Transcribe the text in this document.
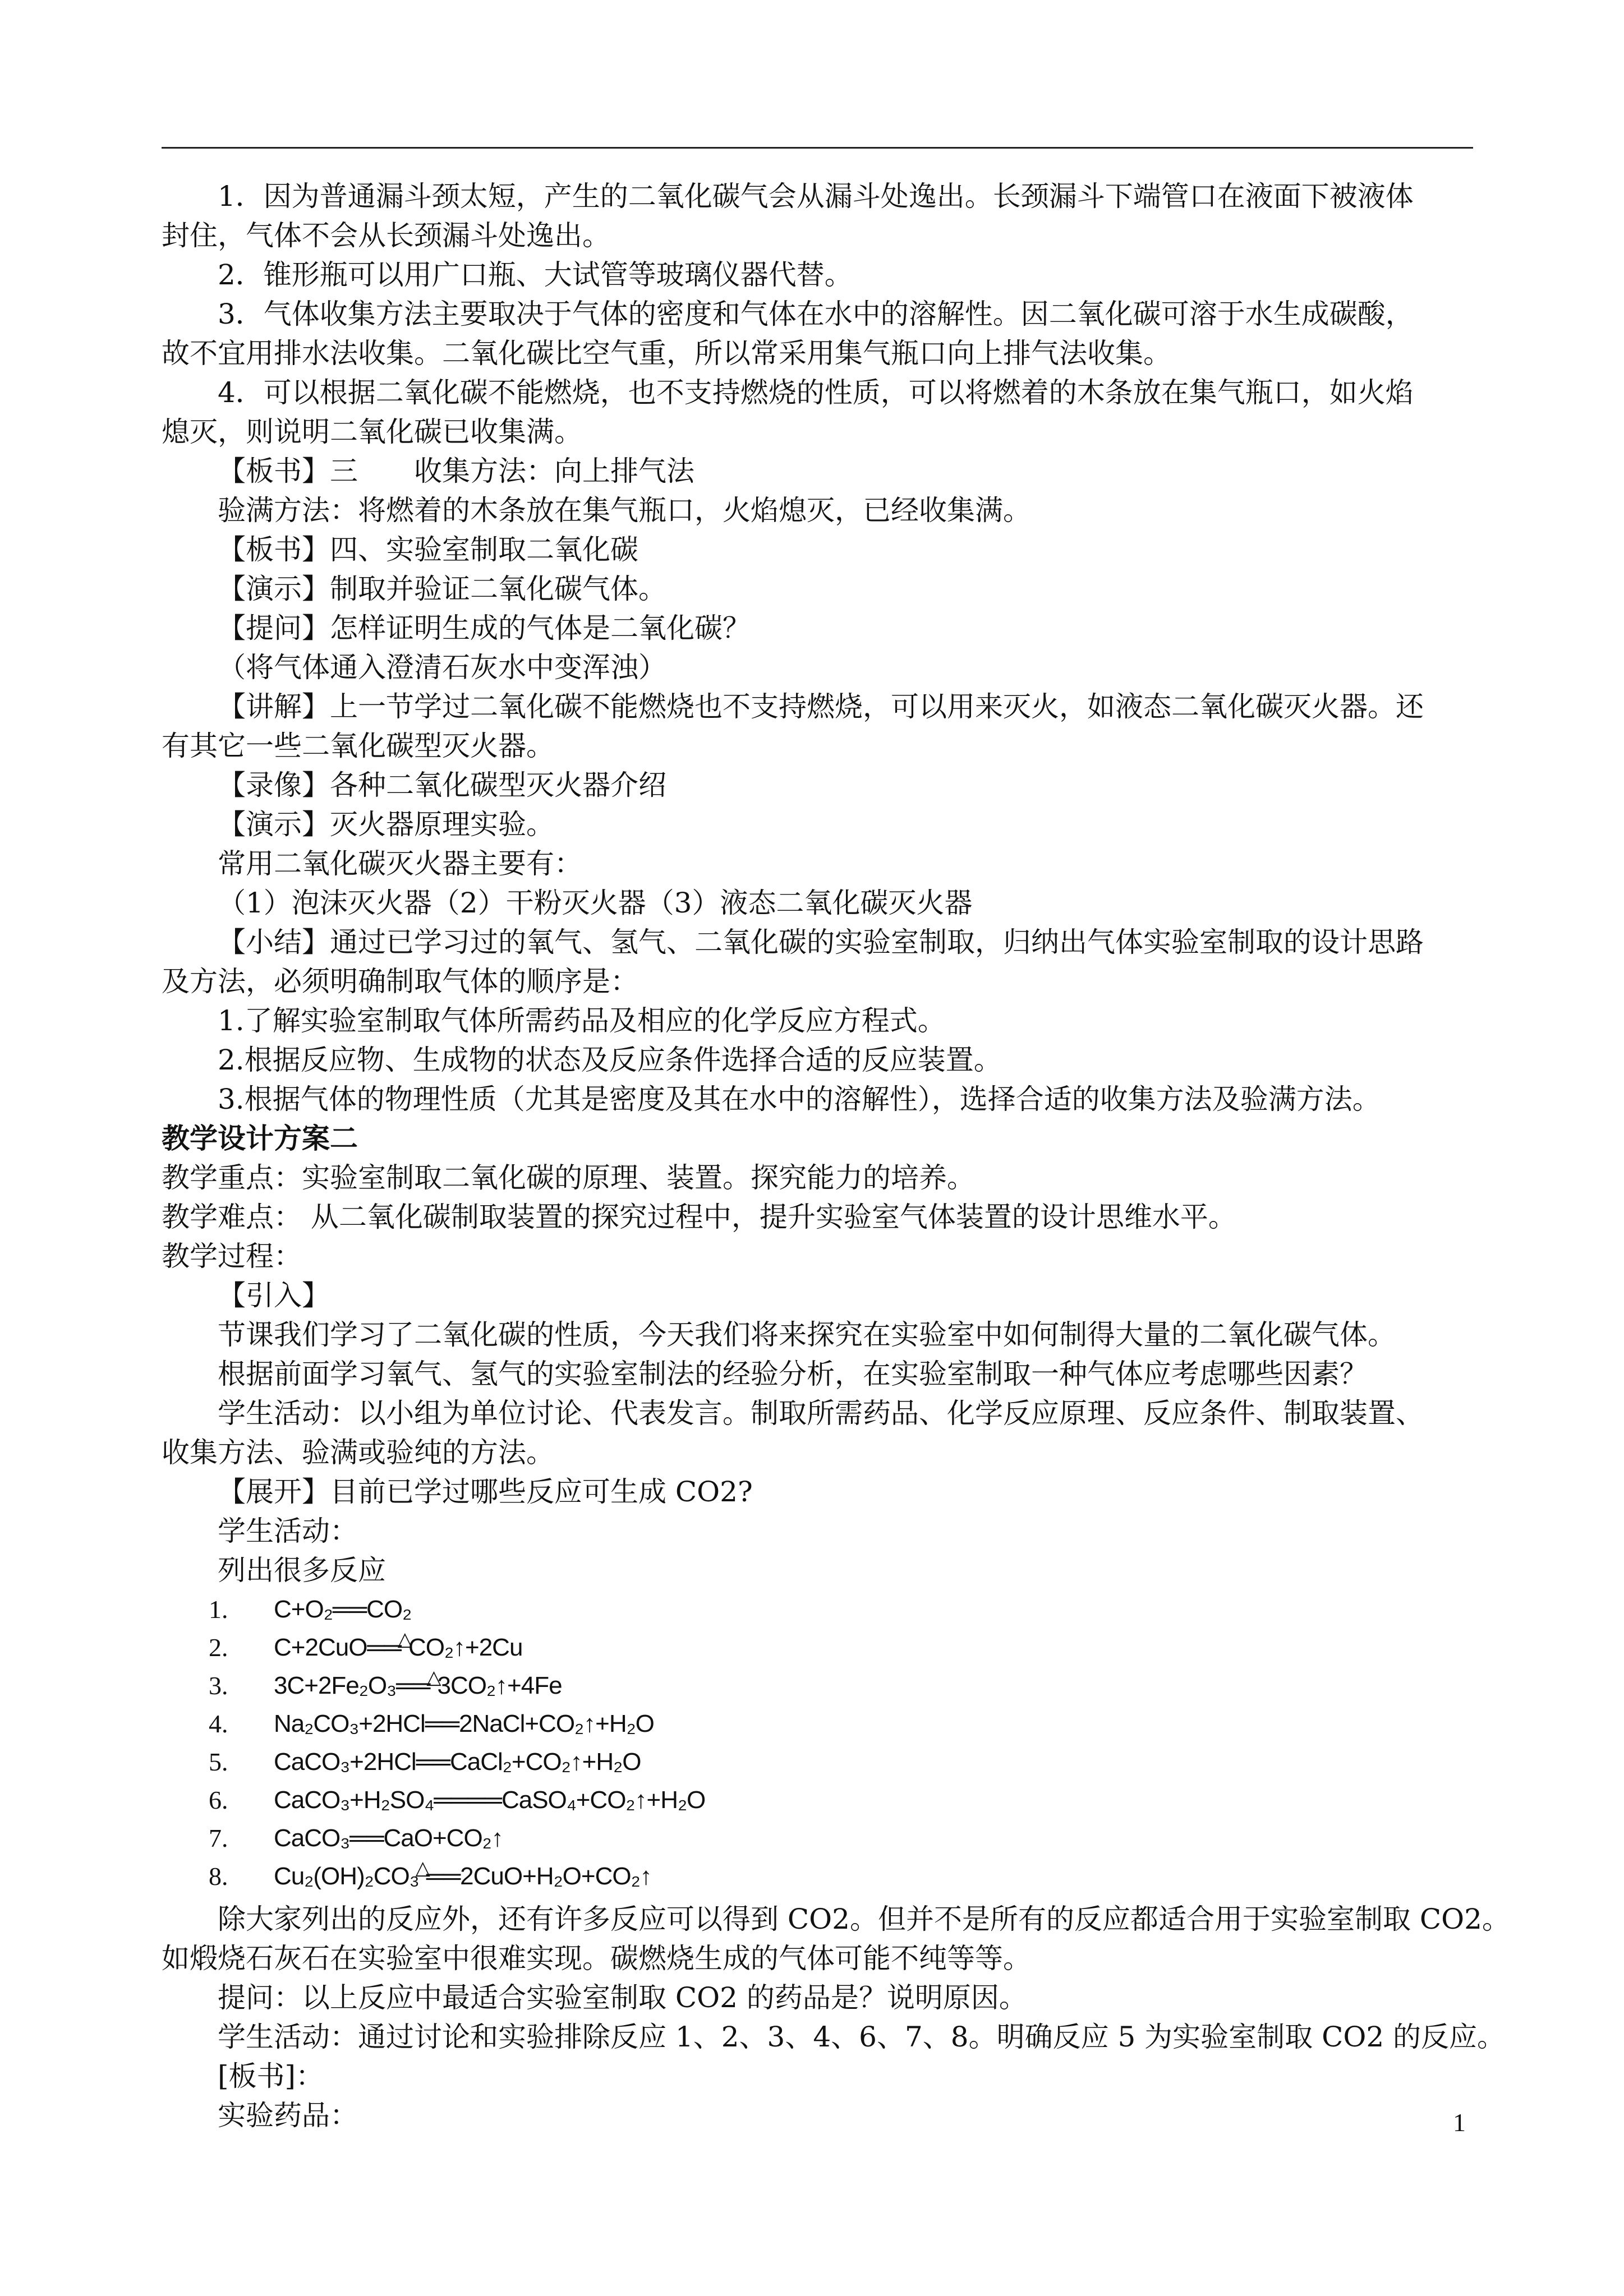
1．因为普通漏斗颈太短，产生的二氧化碳气会从漏斗处逸出。长颈漏斗下端管口在液面下被液体
封住，气体不会从长颈漏斗处逸出。
2．锥形瓶可以用广口瓶、大试管等玻璃仪器代替。
3．气体收集方法主要取决于气体的密度和气体在水中的溶解性。因二氧化碳可溶于水生成碳酸，
故不宜用排水法收集。二氧化碳比空气重，所以常采用集气瓶口向上排气法收集。
4．可以根据二氧化碳不能燃烧，也不支持燃烧的性质，可以将燃着的木条放在集气瓶口，如火焰
熄灭，则说明二氧化碳已收集满。
【板书】三　　收集方法：向上排气法
验满方法：将燃着的木条放在集气瓶口，火焰熄灭，已经收集满。
【板书】四、实验室制取二氧化碳
【演示】制取并验证二氧化碳气体。
【提问】怎样证明生成的气体是二氧化碳？
（将气体通入澄清石灰水中变浑浊）
【讲解】上一节学过二氧化碳不能燃烧也不支持燃烧，可以用来灭火，如液态二氧化碳灭火器。还
有其它一些二氧化碳型灭火器。
【录像】各种二氧化碳型灭火器介绍
【演示】灭火器原理实验。
常用二氧化碳灭火器主要有：
（1）泡沫灭火器（2）干粉灭火器（3）液态二氧化碳灭火器
【小结】通过已学习过的氧气、氢气、二氧化碳的实验室制取，归纳出气体实验室制取的设计思路
及方法，必须明确制取气体的顺序是：
1.了解实验室制取气体所需药品及相应的化学反应方程式。
2.根据反应物、生成物的状态及反应条件选择合适的反应装置。
3.根据气体的物理性质（尤其是密度及其在水中的溶解性），选择合适的收集方法及验满方法。
教学设计方案二
教学重点：实验室制取二氧化碳的原理、装置。探究能力的培养。
教学难点： 从二氧化碳制取装置的探究过程中，提升实验室气体装置的设计思维水平。
教学过程：
【引入】
节课我们学习了二氧化碳的性质，今天我们将来探究在实验室中如何制得大量的二氧化碳气体。
根据前面学习氧气、氢气的实验室制法的经验分析，在实验室制取一种气体应考虑哪些因素？
学生活动：以小组为单位讨论、代表发言。制取所需药品、化学反应原理、反应条件、制取装置、
收集方法、验满或验纯的方法。
【展开】目前已学过哪些反应可生成 CO2?
学生活动：
列出很多反应
1. C+O₂══CO₂
2. C+2CuO══△CO₂↑+2Cu
3. 3C+2Fe₂O₃══△3CO₂↑+4Fe
4. Na₂CO₃+2HCl══2NaCl+CO₂↑+H₂O
5. CaCO₃+2HCl══CaCl₂+CO₂↑+H₂O
6. CaCO₃+H₂SO₄════CaSO₄+CO₂↑+H₂O
7. CaCO₃══CaO+CO₂↑
8. Cu₂(OH)₂CO₃△══2CuO+H₂O+CO₂↑
除大家列出的反应外，还有许多反应可以得到 CO2。但并不是所有的反应都适合用于实验室制取 CO2。
如煅烧石灰石在实验室中很难实现。碳燃烧生成的气体可能不纯等等。
提问：以上反应中最适合实验室制取 CO2 的药品是？说明原因。
学生活动：通过讨论和实验排除反应 1、2、3、4、6、7、8。明确反应 5 为实验室制取 CO2 的反应。
[板书]：
实验药品：	1
